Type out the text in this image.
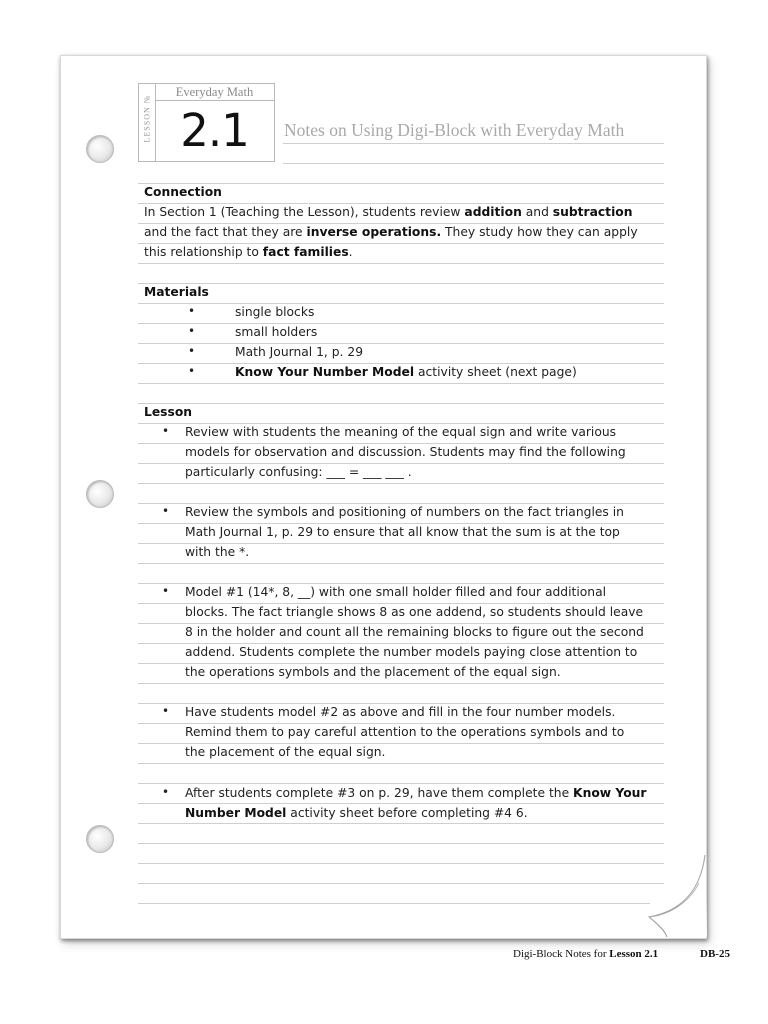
Everyday Math
LESSON № 2.1	Notes on Using Digi-Block with Everyday Math
Connection
In Section 1 (Teaching the Lesson), students review addition and subtraction
and the fact that they are inverse operations. They study how they can apply
this relationship to fact families.
Materials
•	single blocks
•	small holders
•	Math Journal 1, p. 29
•	Know Your Number Model activity sheet (next page)
Lesson
• Review with students the meaning of the equal sign and write various
models for observation and discussion. Students may find the following
particularly confusing: ___ = ___ ___ .
• Review the symbols and positioning of numbers on the fact triangles in
Math Journal 1, p. 29 to ensure that all know that the sum is at the top
with the *.
• Model #1 (14*, 8, __) with one small holder filled and four additional
blocks. The fact triangle shows 8 as one addend, so students should leave
8 in the holder and count all the remaining blocks to figure out the second
addend. Students complete the number models paying close attention to
the operations symbols and the placement of the equal sign.
• Have students model #2 as above and fill in the four number models.
Remind them to pay careful attention to the operations symbols and to
the placement of the equal sign.
• After students complete #3 on p. 29, have them complete the Know Your
Number Model activity sheet before completing #4 6.
Digi-Block Notes for Lesson 2.1	DB-25
